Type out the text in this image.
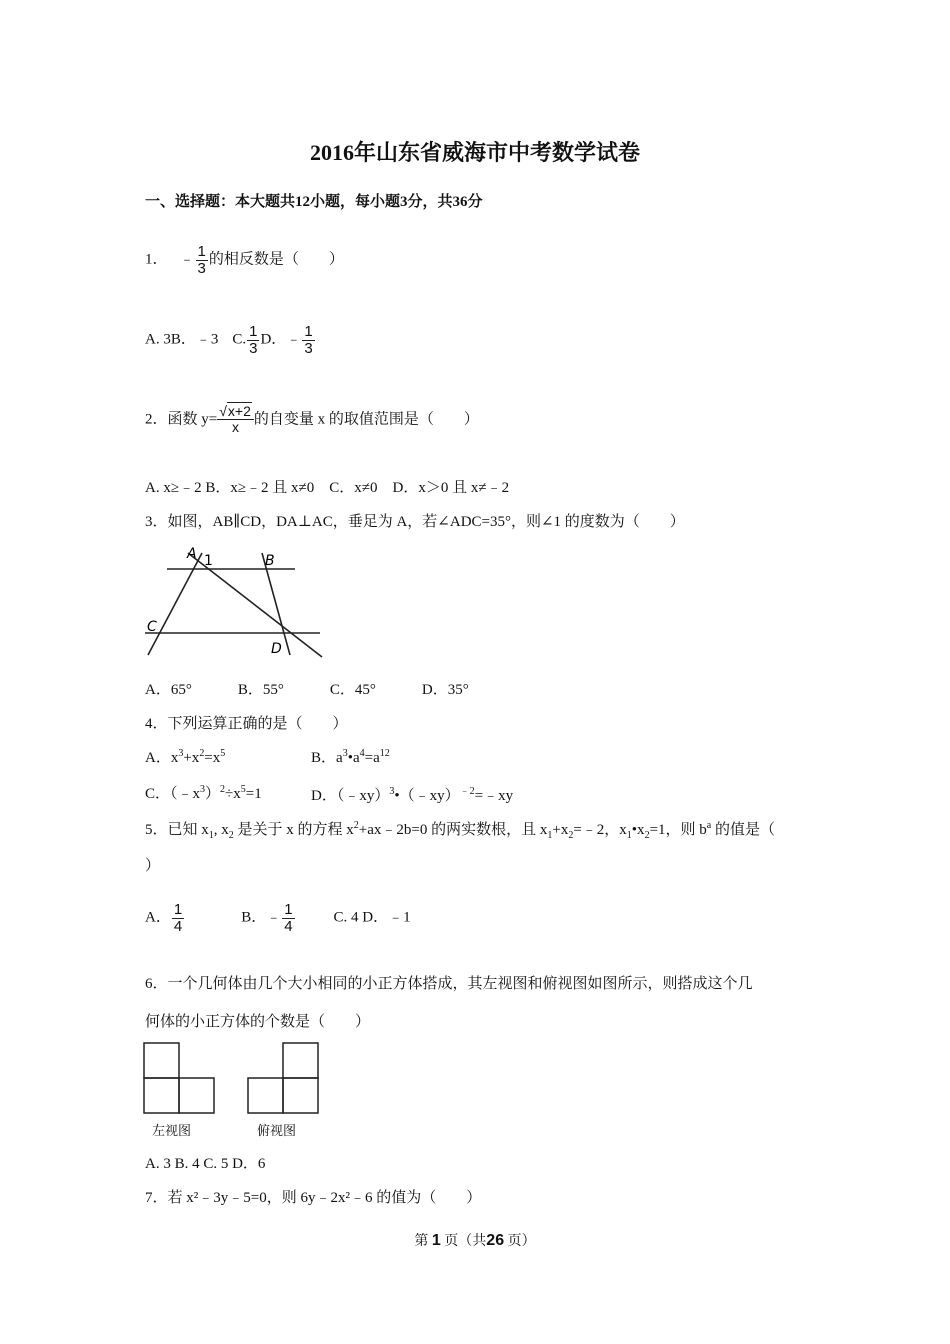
2016年山东省威海市中考数学试卷
一、选择题：本大题共12小题，每小题3分，共36分
1． ﹣ $\frac{1}{3}$ 的相反数是（　　）
A. 3B．﹣3 C. $\frac{1}{3}$ D．﹣ $\frac{1}{3}$
2．函数 $y= \frac{√x+2}{x}$的自变量 x 的取值范围是（　　）
A. x≥﹣2 B．x≥﹣2 且 x≠0　C．x≠0　D．x＞0 且 x≠﹣2
3．如图，AB∥CD，DA⊥AC，垂足为 A，若∠ADC=35°，则∠1 的度数为（　　）
A 1	B
C
D
A．65°	B．55°	C．45°	D．35°
4．下列运算正确的是（　　）
A．$x^3+x^2=x^5$	B．$a^3•a^4=a^{12}$
C．$(﹣x^3)^2\div x^5=1$	D．（﹣xy）$^3$•（﹣xy）$^{﹣2}$=﹣xy
5．已知 $x_1$, $x_2$ 是关于 x 的方程 $x^2+ax﹣2b=0$ 的两实数根，且 $x_1+x_2=﹣2$，$x_1•x_2=1$，则 $b^a$ 的值是（
）
A． $\frac{1}{4}$	B．﹣ $\frac{1}{4}$	C. 4 D．﹣1
6．一个几何体由几个大小相同的小正方体搭成，其左视图和俯视图如图所示，则搭成这个几
何体的小正方体的个数是（　　）
左视图	俯视图
A. 3 B. 4 C. 5 D．6
7．若 x²﹣3y﹣5=0，则 6y﹣2x²﹣6 的值为（　　）
第 1 页（共26 页）
